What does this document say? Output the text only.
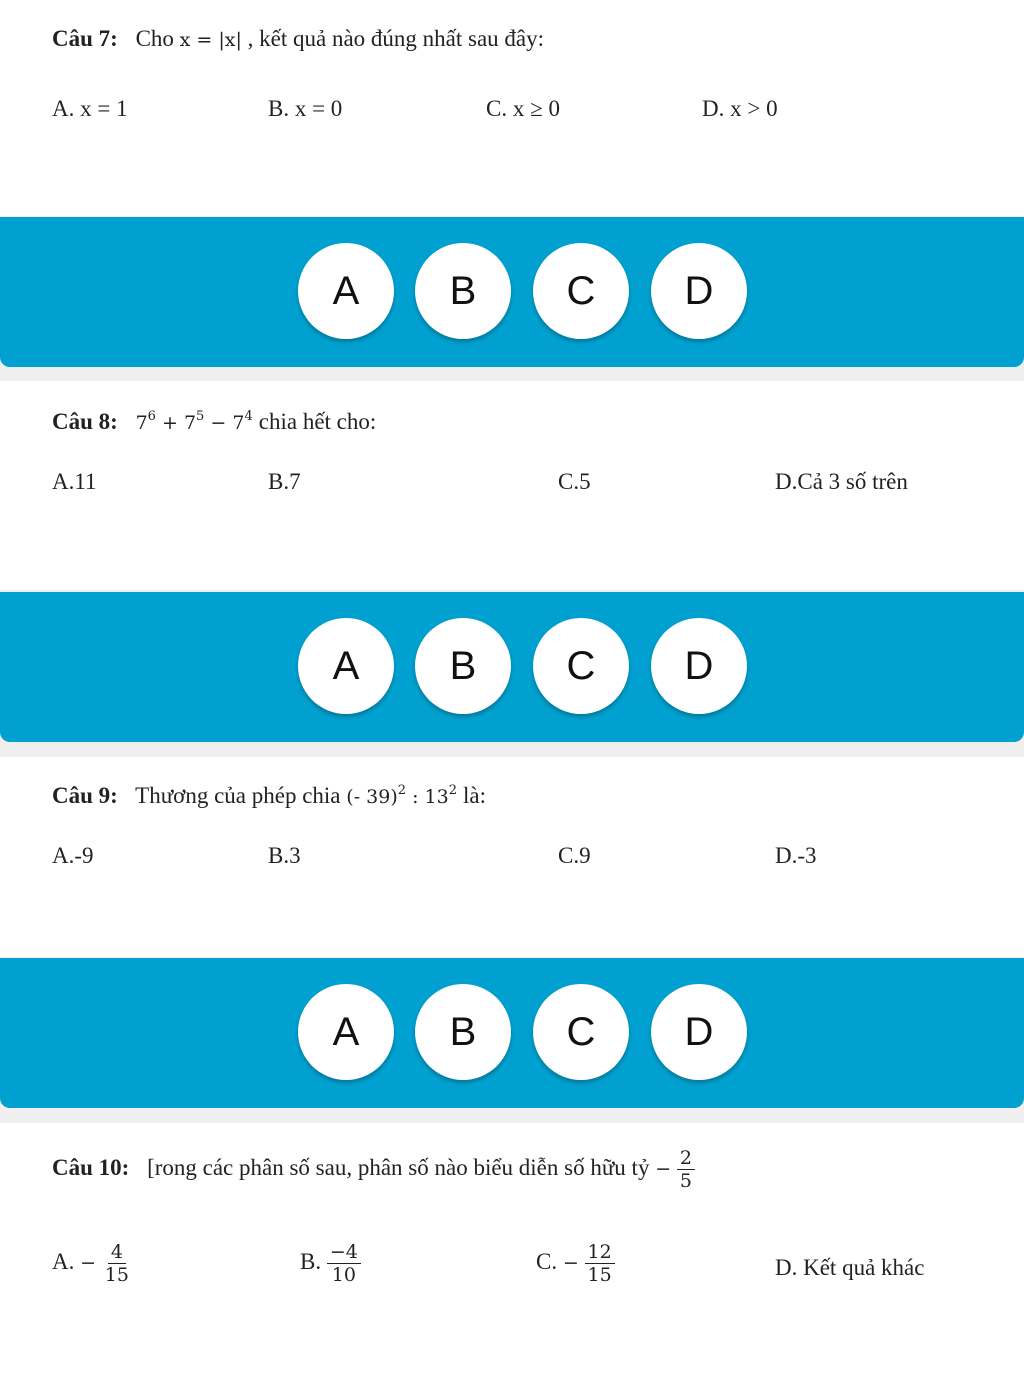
Câu 7: Cho x = |x| , kết quả nào đúng nhất sau đây:
A. x = 1	B. x = 0	C. x ≥ 0	D. x > 0
A	B	C	D
Câu 8: $7^6 + 7^5 - 7^4$ chia hết cho:
A.11	B.7	C.5	D.Cả 3 số trên
A	B	C	D
Câu 9: Thương của phép chia (- 39)$^2$ : $13^2$ là:
A.-9	B.3	C.9	D.-3
A	B	C	D
Câu 10: [rong các phân số sau, phân số nào biểu diễn số hữu tỷ − $\frac{2}{5}$
A. − $\frac{4}{15}$	B. $\frac{-4}{10}$	C. − $\frac{12}{15}$	D. Kết quả khác
